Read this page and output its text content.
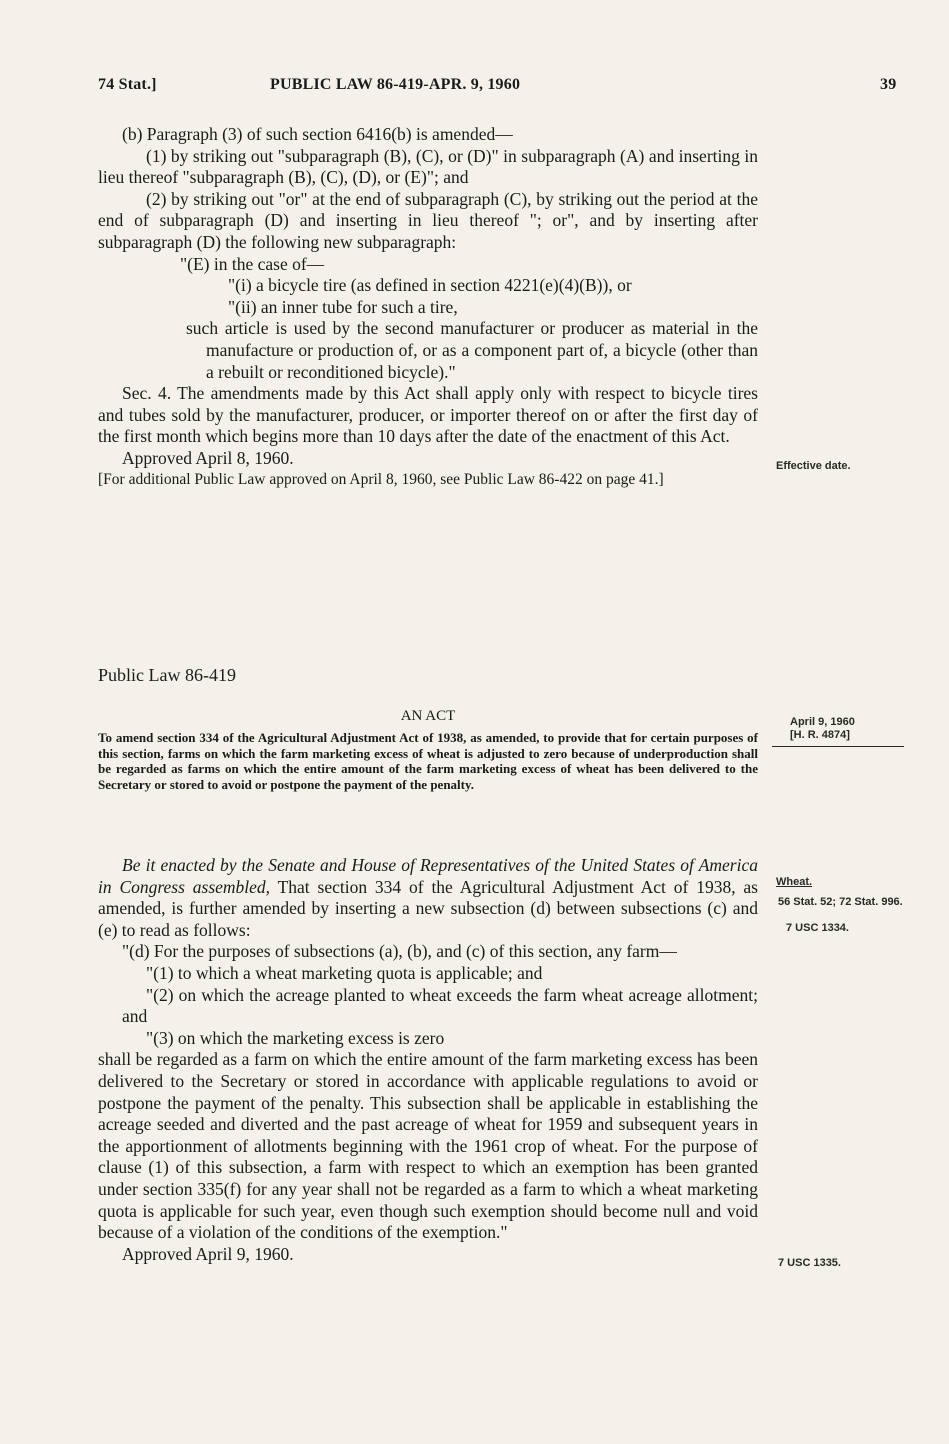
74 Stat.]	PUBLIC LAW 86-419-APR. 9, 1960	39

(b) Paragraph (3) of such section 6416(b) is amended—

(1) by striking out "subparagraph (B), (C), or (D)" in subparagraph (A) and inserting in lieu thereof "subparagraph (B), (C), (D), or (E)"; and

(2) by striking out "or" at the end of subparagraph (C), by striking out the period at the end of subparagraph (D) and inserting in lieu thereof "; or", and by inserting after subparagraph (D) the following new subparagraph:

"(E) in the case of—

"(i) a bicycle tire (as defined in section 4221(e)(4)(B)), or

"(ii) an inner tube for such a tire,

such article is used by the second manufacturer or producer as material in the manufacture or production of, or as a component part of, a bicycle (other than a rebuilt or reconditioned bicycle)."

Sec. 4. The amendments made by this Act shall apply only with respect to bicycle tires and tubes sold by the manufacturer, producer, or importer thereof on or after the first day of the first month which begins more than 10 days after the date of the enactment of this Act.

Approved April 8, 1960.

[For additional Public Law approved on April 8, 1960, see Public Law 86-422 on page 41.]

Public Law 86-419
AN ACT
To amend section 334 of the Agricultural Adjustment Act of 1938, as amended, to provide that for certain purposes of this section, farms on which the farm marketing excess of wheat is adjusted to zero because of underproduction shall be regarded as farms on which the entire amount of the farm marketing excess of wheat has been delivered to the Secretary or stored to avoid or postpone the payment of the penalty.

Be it enacted by the Senate and House of Representatives of the United States of America in Congress assembled, That section 334 of the Agricultural Adjustment Act of 1938, as amended, is further amended by inserting a new subsection (d) between subsections (c) and (e) to read as follows:

"(d) For the purposes of subsections (a), (b), and (c) of this section, any farm—

"(1) to which a wheat marketing quota is applicable; and

"(2) on which the acreage planted to wheat exceeds the farm wheat acreage allotment; and

"(3) on which the marketing excess is zero

shall be regarded as a farm on which the entire amount of the farm marketing excess has been delivered to the Secretary or stored in accordance with applicable regulations to avoid or postpone the payment of the penalty. This subsection shall be applicable in establishing the acreage seeded and diverted and the past acreage of wheat for 1959 and subsequent years in the apportionment of allotments beginning with the 1961 crop of wheat. For the purpose of clause (1) of this subsection, a farm with respect to which an exemption has been granted under section 335(f) for any year shall not be regarded as a farm to which a wheat marketing quota is applicable for such year, even though such exemption should become null and void because of a violation of the conditions of the exemption."

Approved April 9, 1960.

Effective date.
April 9, 1960
[H. R. 4874]
Wheat.
56 Stat. 52; 72 Stat. 996.
7 USC 1334.
7 USC 1335.
